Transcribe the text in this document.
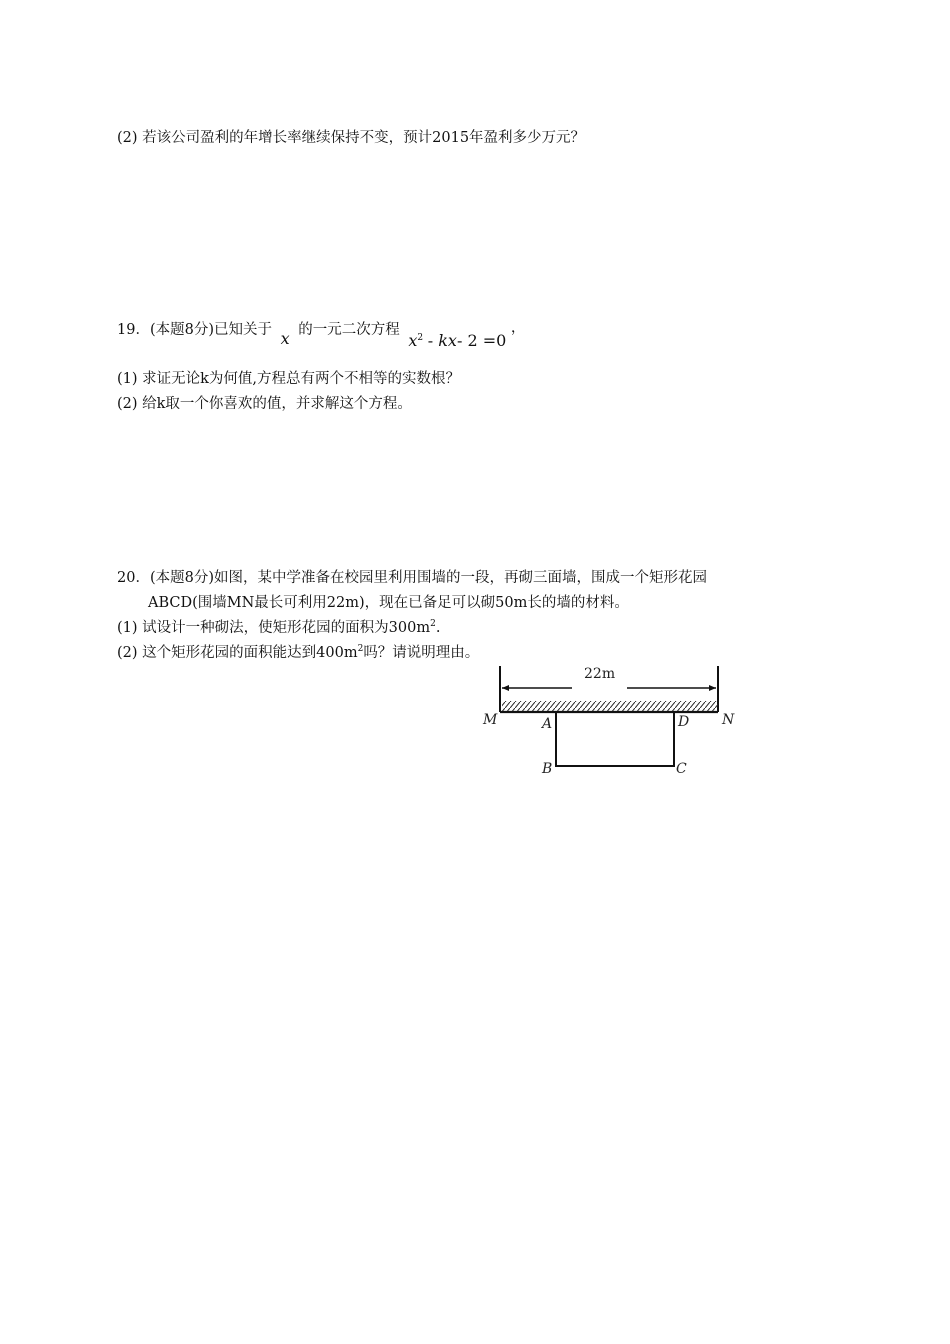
(2) 若该公司盈利的年增长率继续保持不变，预计2015年盈利多少万元？
19．(本题8分)已知关于 x 的一元二次方程 $x^2 - kx-$ 2 =0 ，
(1) 求证无论k为何值,方程总有两个不相等的实数根？
(2) 给k取一个你喜欢的值，并求解这个方程。
20．(本题8分)如图，某中学准备在校园里利用围墙的一段，再砌三面墙，围成一个矩形花园
ABCD(围墙MN最长可利用22m)，现在已备足可以砌50m长的墙的材料。
(1) 试设计一种砌法，使矩形花园的面积为$300m^2$.
(2) 这个矩形花园的面积能达到$400m^2$吗？请说明理由。
22m
M	A	D N
B	C
